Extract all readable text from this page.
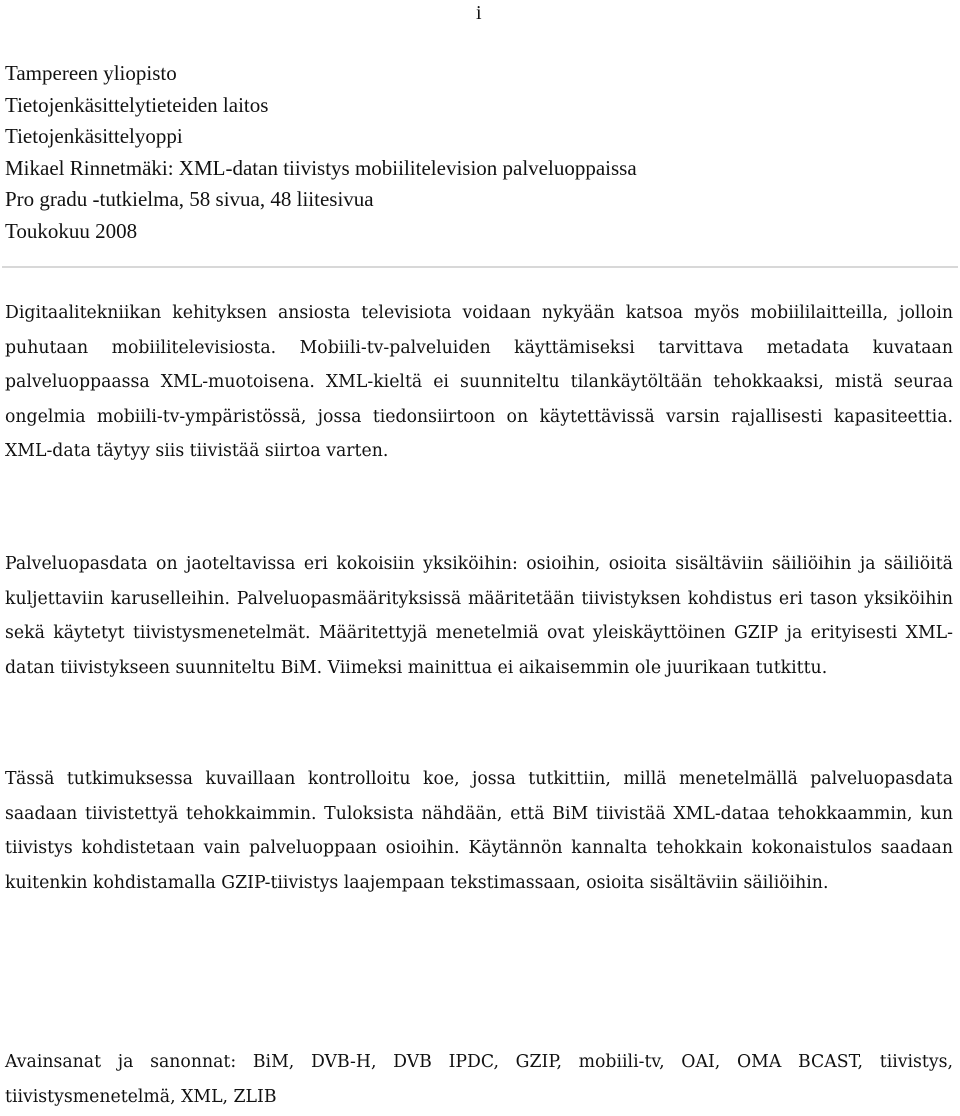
i
Tampereen yliopisto
Tietojenkäsittelytieteiden laitos
Tietojenkäsittelyoppi
Mikael Rinnetmäki: XML-datan tiivistys mobiilitelevision palveluoppaissa
Pro gradu -tutkielma, 58 sivua, 48 liitesivua
Toukokuu 2008

Digitaalitekniikan kehityksen ansiosta televisiota voidaan nykyään katsoa myös mobiililaitteilla, jolloin puhutaan mobiilitelevisiosta. Mobiili-tv-palveluiden käyttämiseksi tarvittava metadata kuvataan palveluoppaassa XML-muotoisena. XML-kieltä ei suunniteltu tilankäytöltään tehokkaaksi, mistä seuraa ongelmia mobiili-tv-ympäristössä, jossa tiedonsiirtoon on käytettävissä varsin rajallisesti kapasiteettia. XML-data täytyy siis tiivistää siirtoa varten.

Palveluopasdata on jaoteltavissa eri kokoisiin yksiköihin: osioihin, osioita sisältäviin säiliöihin ja säiliöitä kuljettaviin karuselleihin. Palveluopasmäärityksissä määritetään tiivistyksen kohdistus eri tason yksiköihin sekä käytetyt tiivistysmenetelmät. Määritettyjä menetelmiä ovat yleiskäyttöinen GZIP ja erityisesti XML-datan tiivistykseen suunniteltu BiM. Viimeksi mainittua ei aikaisemmin ole juurikaan tutkittu.

Tässä tutkimuksessa kuvaillaan kontrolloitu koe, jossa tutkittiin, millä menetelmällä palveluopasdata saadaan tiivistettyä tehokkaimmin. Tuloksista nähdään, että BiM tiivistää XML-dataa tehokkaammin, kun tiivistys kohdistetaan vain palveluoppaan osioihin. Käytännön kannalta tehokkain kokonaistulos saadaan kuitenkin kohdistamalla GZIP-tiivistys laajempaan tekstimassaan, osioita sisältäviin säiliöihin.

Avainsanat ja sanonnat: BiM, DVB-H, DVB IPDC, GZIP, mobiili-tv, OAI, OMA BCAST, tiivistys, tiivistysmenetelmä, XML, ZLIB
